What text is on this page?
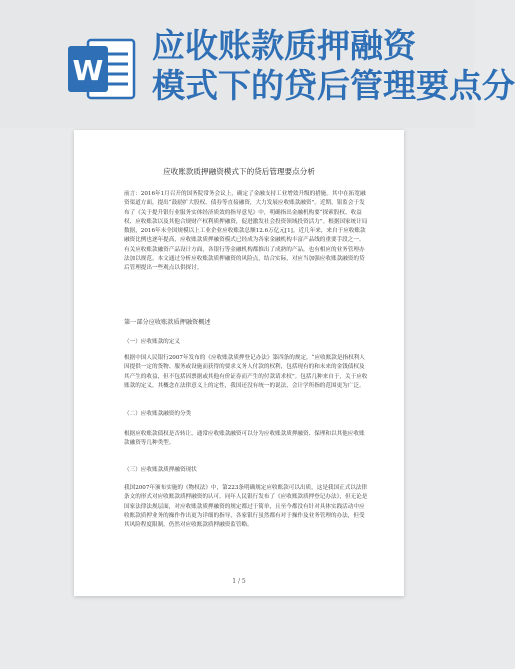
W
应收账款质押融资
模式下的贷后管理要点分
应收账款质押融资模式下的贷后管理要点分析
前言：2016年1月召开的国务院常务会议上，确定了金融支持工业增效升级的措施。其中在拓宽融资渠道方面，提出“鼓励扩大股权、债券等直接融资，大力发展应收账款融资”。近期，银监会于发布了《关于提升银行业服务实体经济质效的指导意见》中，明确指出金融机构要“探索股权、收益权、应收账款以及其他合规财产权利质押融资，促进激发社会投资领域投资活力”。根据国家统计局数据，2016年末全国规模以上工业企业应收账款总额12.6万亿元[1]。近几年来，来自于应收账款融资比例也逐年提高，应收账款质押融资模式已经成为各家金融机构丰富产品线的重要手段之一。有关应收账款融资产品设计方面，各银行等金融机构都推出了成熟的产品，也有相应的业务管理办法加以规范。本文通过分析应收账款质押融资的风险点，结合实际，对应当加强应收账款融资的贷后管理提出一些观点以供探讨。
第一部分应收账款质押融资概述
（一）应收账款的定义
根据中国人民银行2007年发布的《应收账款质押登记办法》第四条的规定，“应收账款是指权利人因提供一定的货物、服务或设施而获得的要求义务人付款的权利，包括现有的和未来的金钱债权及其产生的收益，但不包括因票据或其他有价证券而产生的付款请求权”。包括几种来自于，关于应收账款的定义，其概念在法律意义上的定性，我国还没有统一的说法，会计学所指的范围更为广泛。
（二）应收账款融资的分类
根据应收账款债权是否转让，通常应收账款融资可以分为应收账款质押融资、保理和以其他应收账款融资等几种类型。
（三）应收账款质押融资现状
我国2007年颁布实施的《物权法》中，第223条明确规定应收账款可以出质，这是我国正式以法律条文的形式对应收账款质押融资的认可。同年人民银行发布了《应收账款质押登记办法》，但无论是国家法律法规层面，对应收账款质押融资的规定都过于简单，且至今都没有针对具体实践活动中应收账款质押业务的操作作出更为详细的指导，各家银行虽然都有对于操作及业务管理的办法，但受其风险程度限制，仍然对应收账款质押融资监管略。
1 / 5
